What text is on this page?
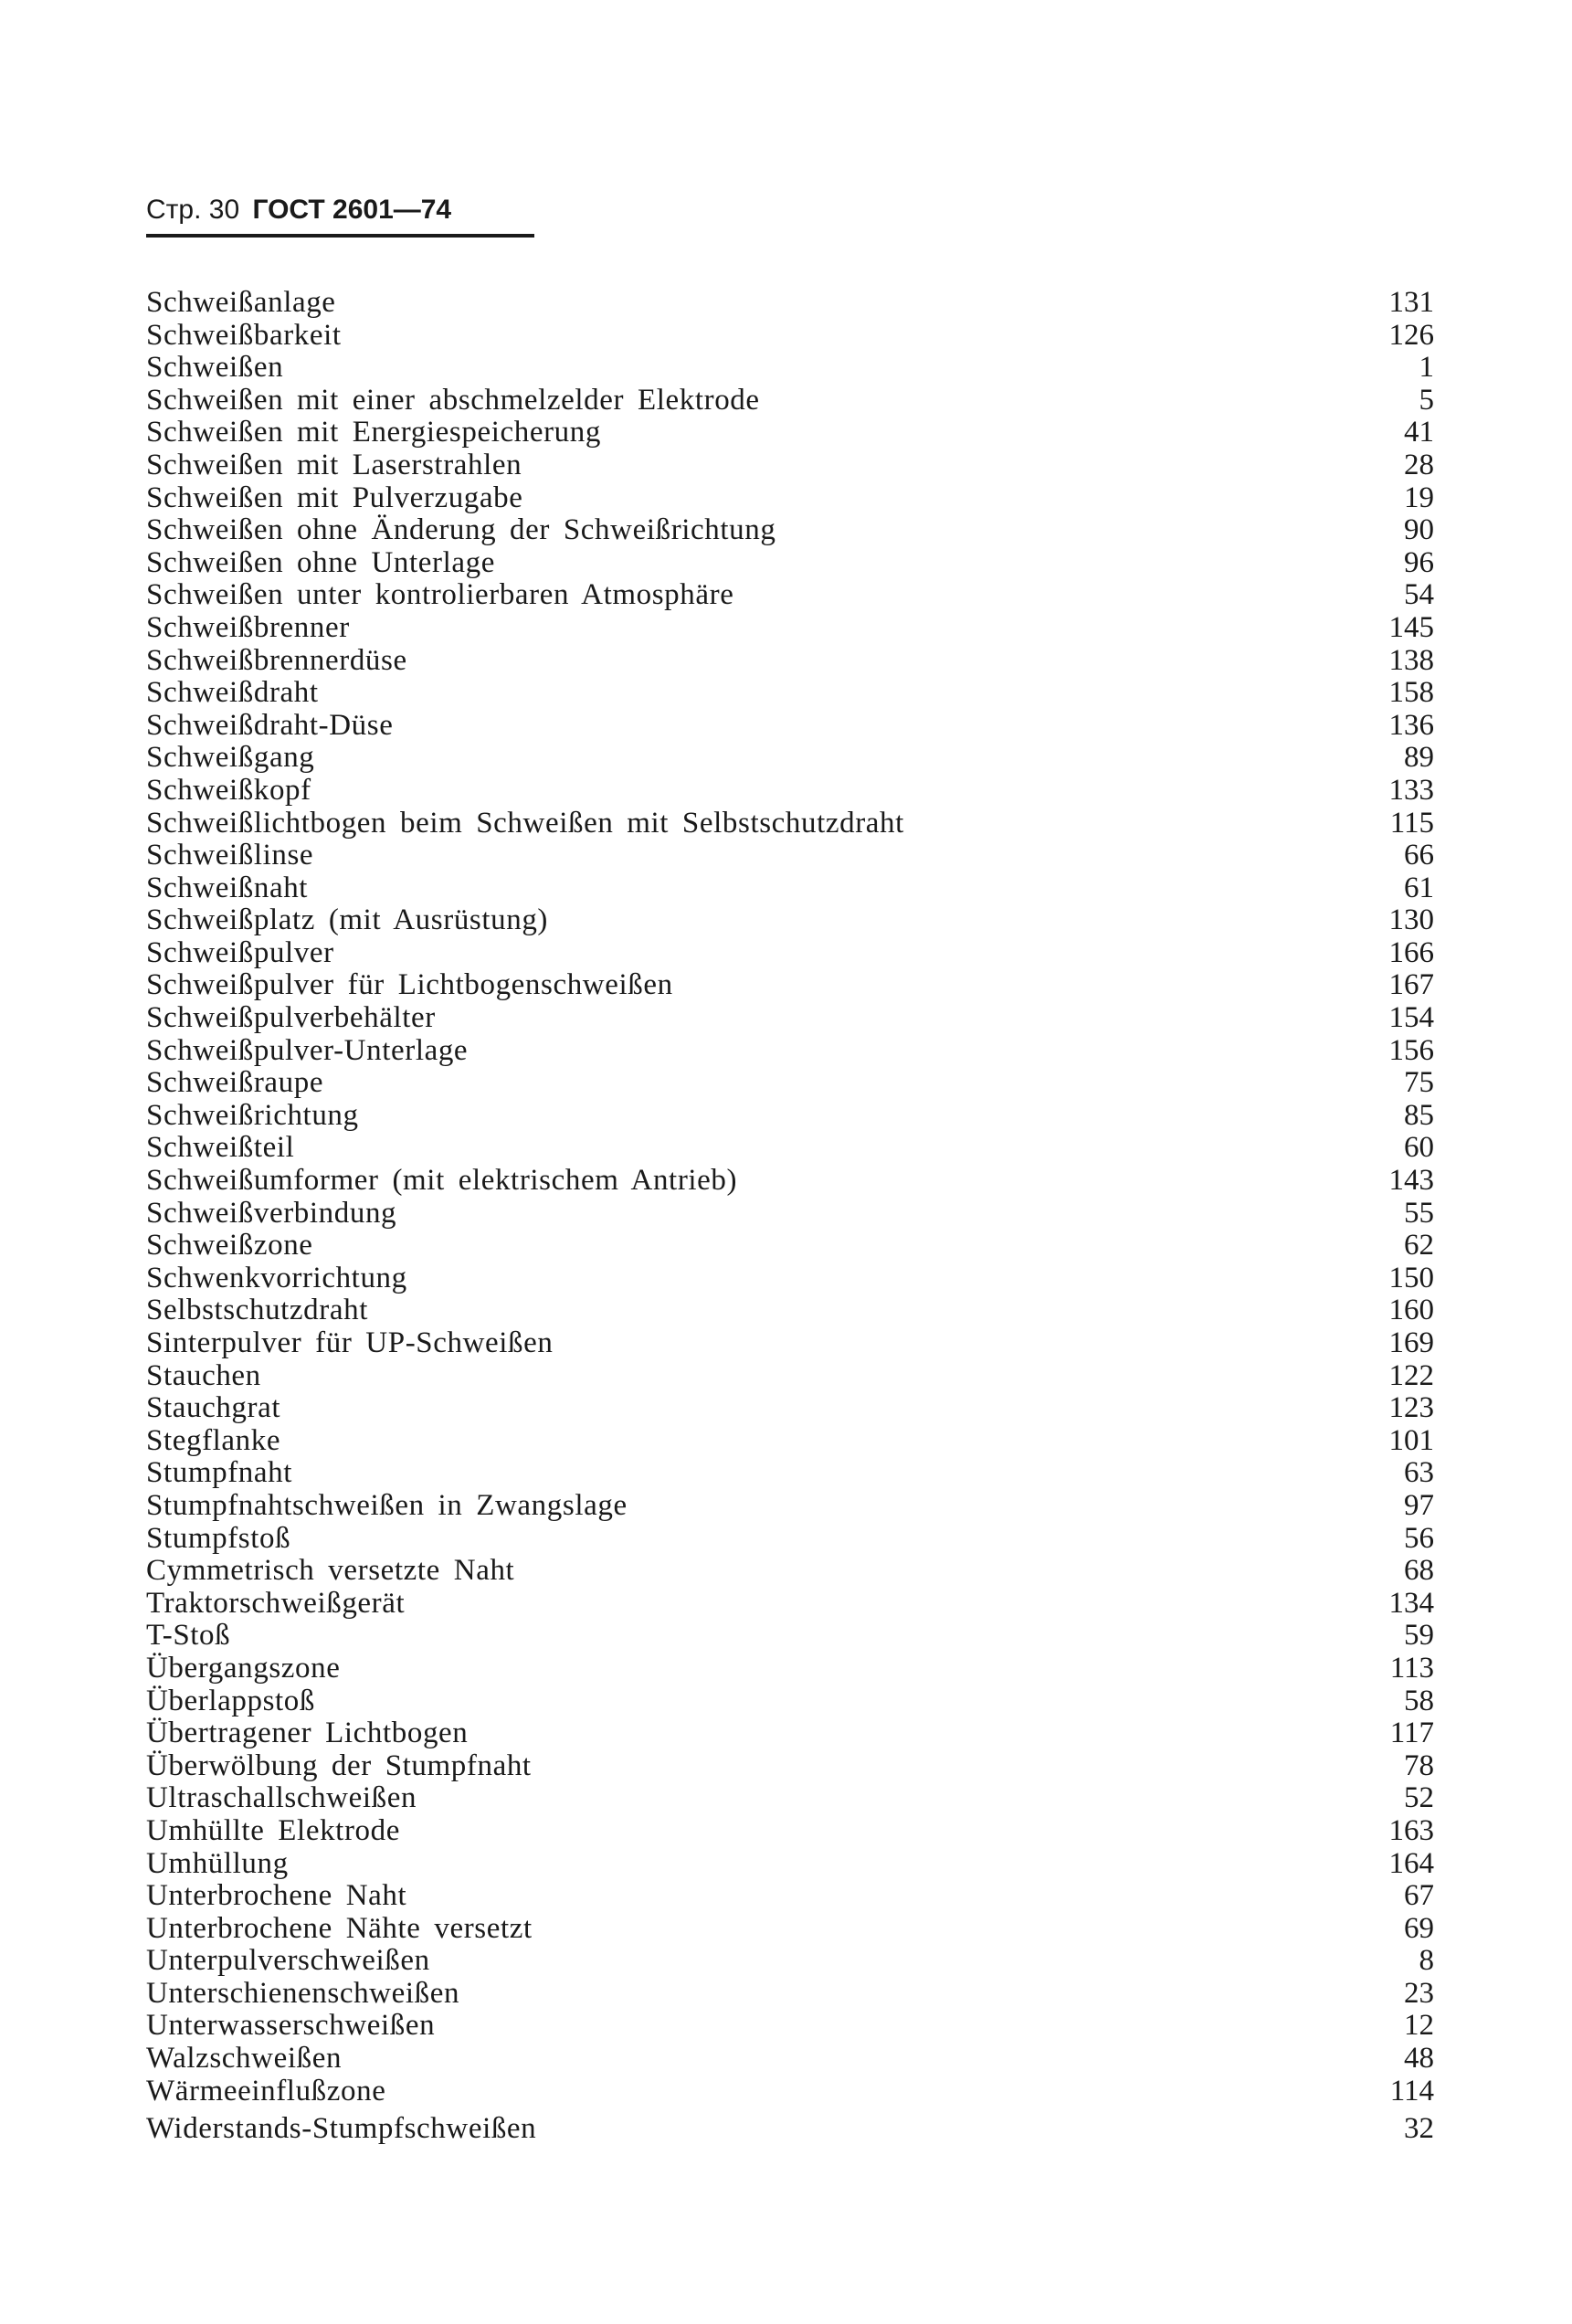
Стр. 30 ГОСТ 2601—74
Schweißanlage	131
Schweißbarkeit	126
Schweißen	1
Schweißen mit einer abschmelzelder Elektrode	5
Schweißen mit Energiespeicherung	41
Schweißen mit Laserstrahlen	28
Schweißen mit Pulverzugabe	19
Schweißen ohne Änderung der Schweißrichtung	90
Schweißen ohne Unterlage	96
Schweißen unter kontrolierbaren Atmosphäre	54
Schweißbrenner	145
Schweißbrennerdüse	138
Schweißdraht	158
Schweißdraht-Düse	136
Schweißgang	89
Schweißkopf	133
Schweißlichtbogen beim Schweißen mit Selbstschutzdraht	115
Schweißlinse	66
Schweißnaht	61
Schweißplatz (mit Ausrüstung)	130
Schweißpulver	166
Schweißpulver für Lichtbogenschweißen	167
Schweißpulverbehälter	154
Schweißpulver-Unterlage	156
Schweißraupe	75
Schweißrichtung	85
Schweißteil	60
Schweißumformer (mit elektrischem Antrieb)	143
Schweißverbindung	55
Schweißzone	62
Schwenkvorrichtung	150
Selbstschutzdraht	160
Sinterpulver für UP-Schweißen	169
Stauchen	122
Stauchgrat	123
Stegflanke	101
Stumpfnaht	63
Stumpfnahtschweißen in Zwangslage	97
Stumpfstoß	56
Cymmetrisch versetzte Naht	68
Traktorschweißgerät	134
T-Stoß	59
Übergangszone	113
Überlappstoß	58
Übertragener Lichtbogen	117
Überwölbung der Stumpfnaht	78
Ultraschallschweißen	52
Umhüllte Elektrode	163
Umhüllung	164
Unterbrochene Naht	67
Unterbrochene Nähte versetzt	69
Unterpulverschweißen	8
Unterschienenschweißen	23
Unterwasserschweißen	12
Walzschweißen	48
Wärmeeinflußzone	114
Widerstands-Stumpfschweißen	32
